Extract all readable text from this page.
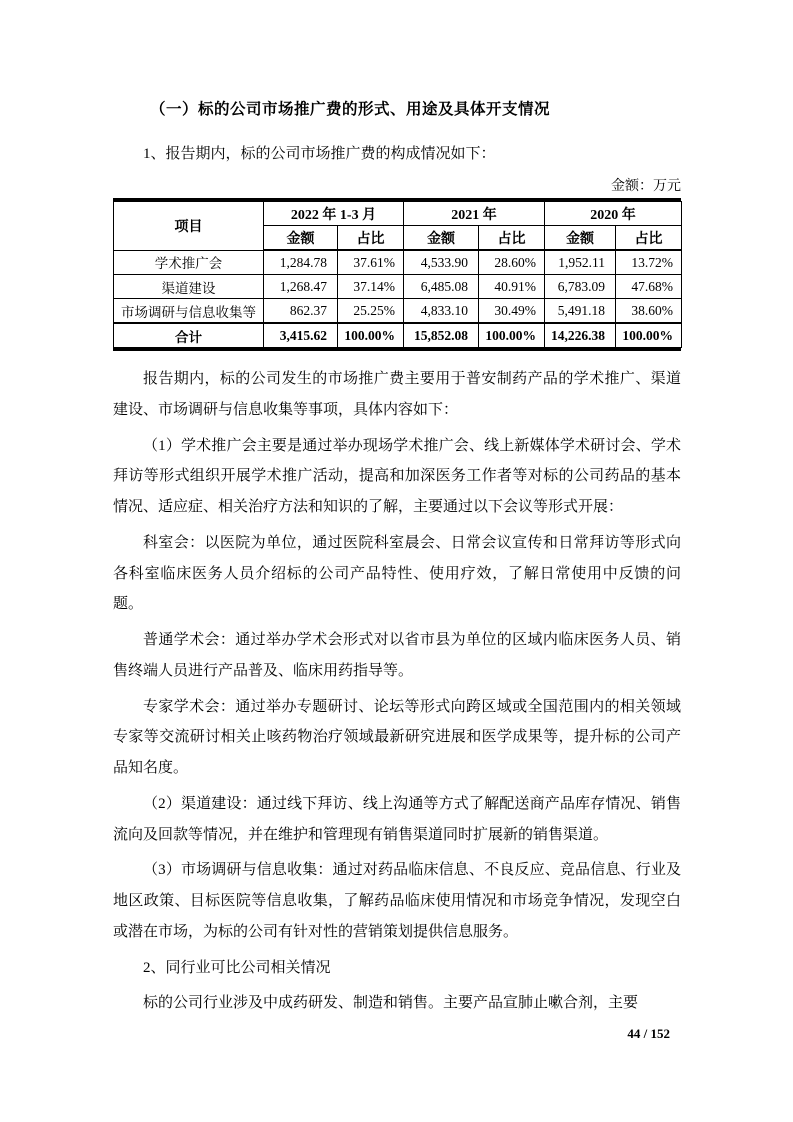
（一）标的公司市场推广费的形式、用途及具体开支情况

1、报告期内，标的公司市场推广费的构成情况如下：

金额：万元
项目	2022 年 1-3 月		2021 年		2020 年	
	金额	占比	金额	占比	金额	占比
学术推广会	1,284.78	37.61%	4,533.90	28.60%	1,952.11	13.72%
渠道建设	1,268.47	37.14%	6,485.08	40.91%	6,783.09	47.68%
市场调研与信息收集等	862.37	25.25%	4,833.10	30.49%	5,491.18	38.60%
合计	3,415.62	100.00%	15,852.08	100.00%	14,226.38	100.00%

报告期内，标的公司发生的市场推广费主要用于普安制药产品的学术推广、渠道建设、市场调研与信息收集等事项，具体内容如下：

（1）学术推广会主要是通过举办现场学术推广会、线上新媒体学术研讨会、学术拜访等形式组织开展学术推广活动，提高和加深医务工作者等对标的公司药品的基本情况、适应症、相关治疗方法和知识的了解，主要通过以下会议等形式开展：

科室会：以医院为单位，通过医院科室晨会、日常会议宣传和日常拜访等形式向各科室临床医务人员介绍标的公司产品特性、使用疗效，了解日常使用中反馈的问题。

普通学术会：通过举办学术会形式对以省市县为单位的区域内临床医务人员、销售终端人员进行产品普及、临床用药指导等。

专家学术会：通过举办专题研讨、论坛等形式向跨区域或全国范围内的相关领域专家等交流研讨相关止咳药物治疗领域最新研究进展和医学成果等，提升标的公司产品知名度。

（2）渠道建设：通过线下拜访、线上沟通等方式了解配送商产品库存情况、销售流向及回款等情况，并在维护和管理现有销售渠道同时扩展新的销售渠道。

（3）市场调研与信息收集：通过对药品临床信息、不良反应、竞品信息、行业及地区政策、目标医院等信息收集，了解药品临床使用情况和市场竞争情况，发现空白或潜在市场，为标的公司有针对性的营销策划提供信息服务。

2、同行业可比公司相关情况

标的公司行业涉及中成药研发、制造和销售。主要产品宣肺止嗽合剂，主要

44 / 152
